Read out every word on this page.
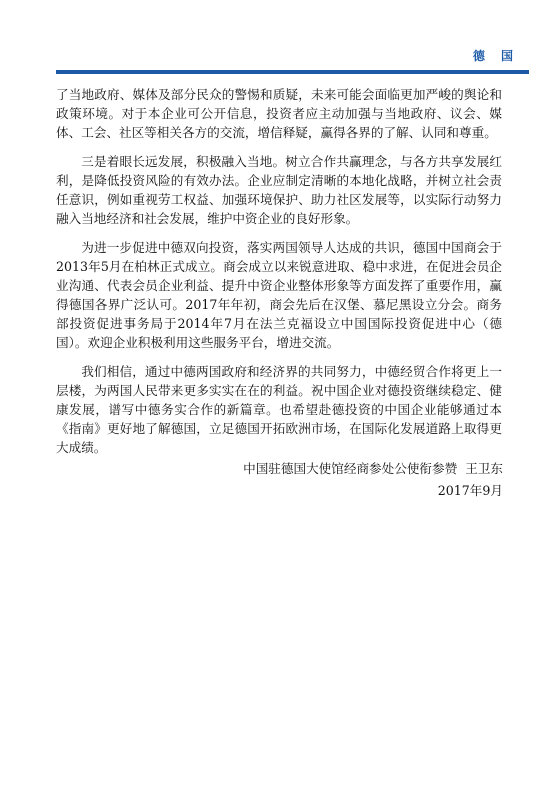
德 国

了当地政府、媒体及部分民众的警惕和质疑，未来可能会面临更加严峻的舆论和政策环境。对于本企业可公开信息，投资者应主动加强与当地政府、议会、媒体、工会、社区等相关各方的交流，增信释疑，赢得各界的了解、认同和尊重。

三是着眼长远发展，积极融入当地。树立合作共赢理念，与各方共享发展红利，是降低投资风险的有效办法。企业应制定清晰的本地化战略，并树立社会责任意识，例如重视劳工权益、加强环境保护、助力社区发展等，以实际行动努力融入当地经济和社会发展，维护中资企业的良好形象。

为进一步促进中德双向投资，落实两国领导人达成的共识，德国中国商会于2013年5月在柏林正式成立。商会成立以来锐意进取、稳中求进，在促进会员企业沟通、代表会员企业利益、提升中资企业整体形象等方面发挥了重要作用，赢得德国各界广泛认可。2017年年初，商会先后在汉堡、慕尼黑设立分会。商务部投资促进事务局于2014年7月在法兰克福设立中国国际投资促进中心（德国）。欢迎企业积极利用这些服务平台，增进交流。

我们相信，通过中德两国政府和经济界的共同努力，中德经贸合作将更上一层楼，为两国人民带来更多实实在在的利益。祝中国企业对德投资继续稳定、健康发展，谱写中德务实合作的新篇章。也希望赴德投资的中国企业能够通过本《指南》更好地了解德国，立足德国开拓欧洲市场，在国际化发展道路上取得更大成绩。

中国驻德国大使馆经商参处公使衔参赞  王卫东
2017年9月
